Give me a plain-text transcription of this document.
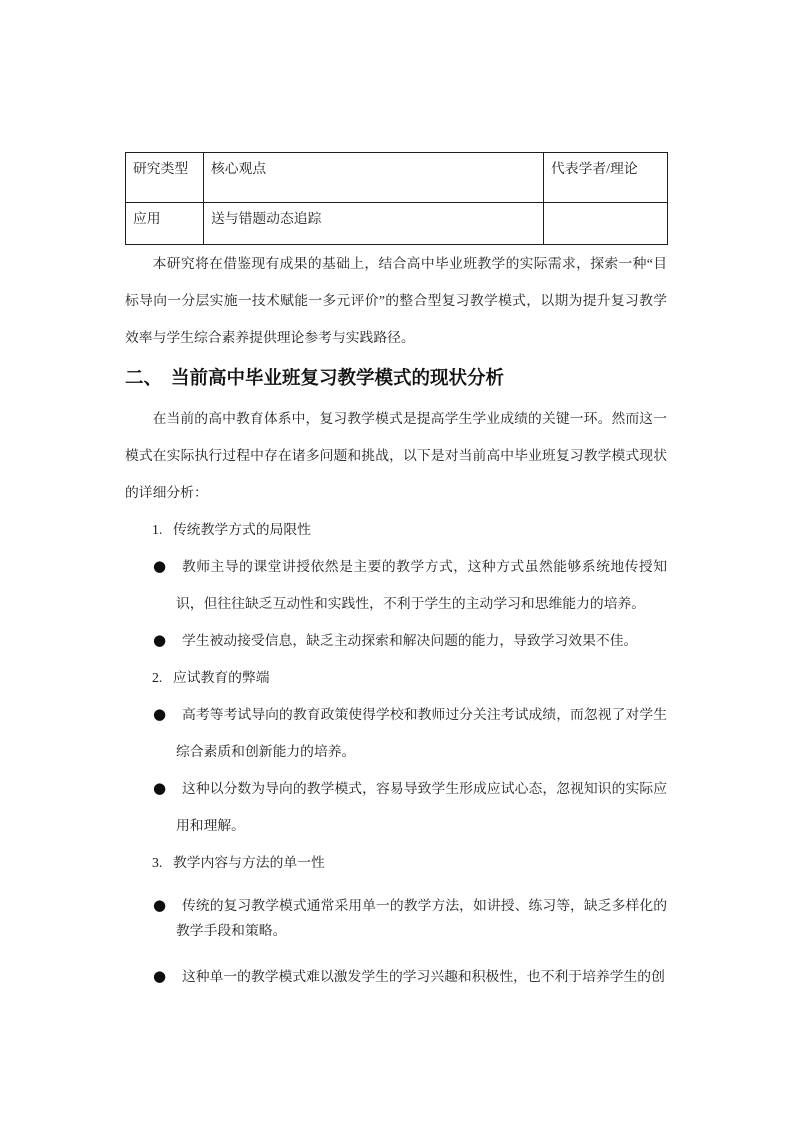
研究类型	核心观点	代表学者/理论
应用	送与错题动态追踪	

本研究将在借鉴现有成果的基础上，结合高中毕业班教学的实际需求，探索一种“目标导向一分层实施一技术赋能一多元评价”的整合型复习教学模式，以期为提升复习教学效率与学生综合素养提供理论参考与实践路径。

二、 当前高中毕业班复习教学模式的现状分析

在当前的高中教育体系中，复习教学模式是提高学生学业成绩的关键一环。然而这一模式在实际执行过程中存在诸多问题和挑战，以下是对当前高中毕业班复习教学模式现状的详细分析：

1. 传统教学方式的局限性
● 教师主导的课堂讲授依然是主要的教学方式，这种方式虽然能够系统地传授知识，但往往缺乏互动性和实践性，不利于学生的主动学习和思维能力的培养。
● 学生被动接受信息，缺乏主动探索和解决问题的能力，导致学习效果不佳。
2. 应试教育的弊端
● 高考等考试导向的教育政策使得学校和教师过分关注考试成绩，而忽视了对学生综合素质和创新能力的培养。
● 这种以分数为导向的教学模式，容易导致学生形成应试心态，忽视知识的实际应用和理解。
3. 教学内容与方法的单一性
● 传统的复习教学模式通常采用单一的教学方法，如讲授、练习等，缺乏多样化的教学手段和策略。
● 这种单一的教学模式难以激发学生的学习兴趣和积极性，也不利于培养学生的创
